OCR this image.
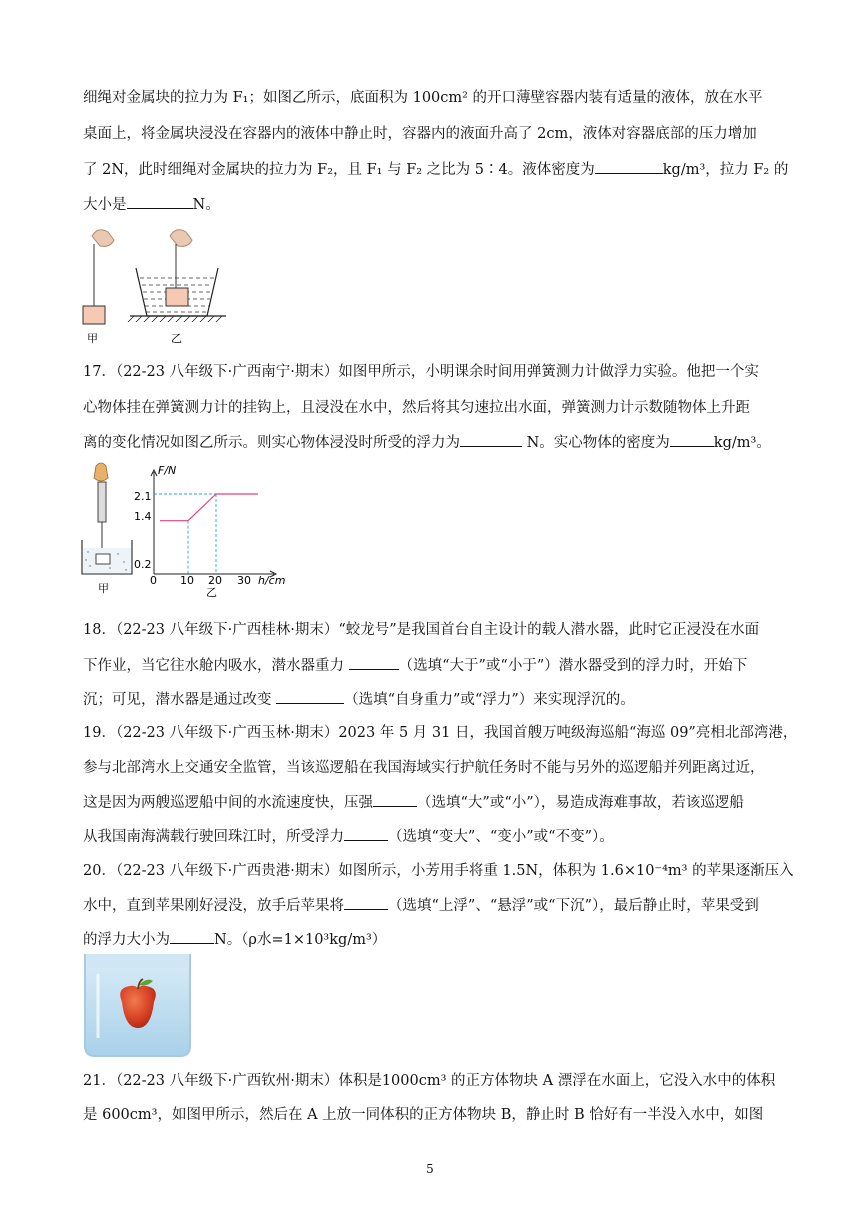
细绳对金属块的拉力为 F₁；如图乙所示，底面积为 100cm² 的开口薄壁容器内装有适量的液体，放在水平
桌面上，将金属块浸没在容器内的液体中静止时，容器内的液面升高了 2cm，液体对容器底部的压力增加
了 2N，此时细绳对金属块的拉力为 F₂，且 F₁ 与 F₂ 之比为 5∶4。液体密度为	kg/m³，拉力 F₂ 的
大小是	N。
甲	乙
17．（22-23 八年级下·广西南宁·期末）如图甲所示，小明课余时间用弹簧测力计做浮力实验。他把一个实
心物体挂在弹簧测力计的挂钩上，且浸没在水中，然后将其匀速拉出水面，弹簧测力计示数随物体上升距
离的变化情况如图乙所示。则实心物体浸没时所受的浮力为	N。实心物体的密度为	kg/m³。
甲
F/N
h/cm
2.1
1.4
0.2
0 10 20 30
乙
18．（22-23 八年级下·广西桂林·期末）“蛟龙号”是我国首台自主设计的载人潜水器，此时它正浸没在水面
下作业，当它往水舱内吸水，潜水器重力	（选填“大于”或“小于”）潜水器受到的浮力时，开始下
沉；可见，潜水器是通过改变	（选填“自身重力”或“浮力”）来实现浮沉的。
19．（22-23 八年级下·广西玉林·期末）2023 年 5 月 31 日，我国首艘万吨级海巡船“海巡 09”亮相北部湾港，
参与北部湾水上交通安全监管，当该巡逻船在我国海域实行护航任务时不能与另外的巡逻船并列距离过近，
这是因为两艘巡逻船中间的水流速度快，压强	（选填“大”或“小”），易造成海难事故，若该巡逻船
从我国南海满载行驶回珠江时，所受浮力	（选填“变大”、“变小”或“不变”）。
20．（22-23 八年级下·广西贵港·期末）如图所示，小芳用手将重 1.5N，体积为 1.6×10⁻⁴m³ 的苹果逐渐压入
水中，直到苹果刚好浸没，放手后苹果将	（选填“上浮”、“悬浮”或“下沉”），最后静止时，苹果受到
的浮力大小为	N。（ρ水=1×10³kg/m³）
21．（22-23 八年级下·广西钦州·期末）体积是1000cm³ 的正方体物块 A 漂浮在水面上，它没入水中的体积
是 600cm³，如图甲所示，然后在 A 上放一同体积的正方体物块 B，静止时 B 恰好有一半没入水中，如图
5
